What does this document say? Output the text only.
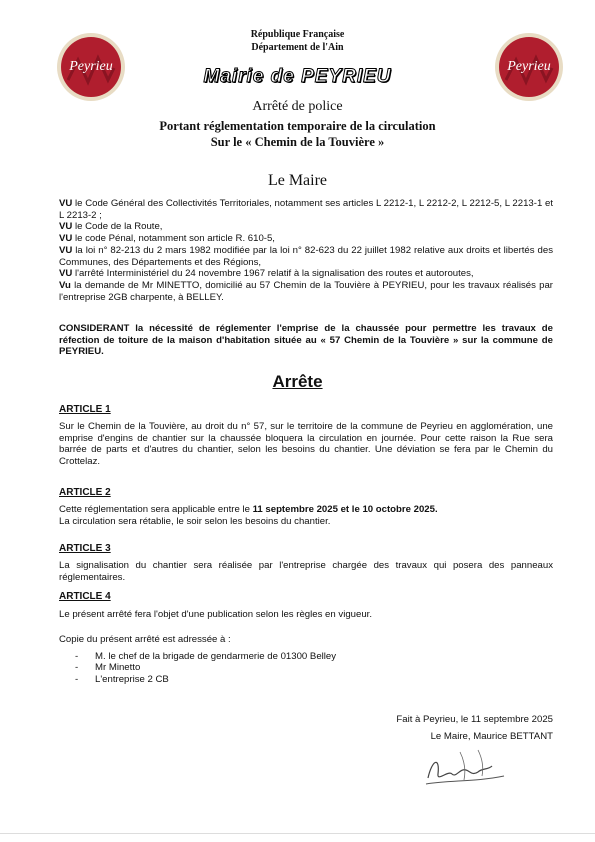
Peyrieu	Peyrieu
République Française
Département de l'Ain
Mairie de PEYRIEU
Arrêté de police
Portant réglementation temporaire de la circulation
Sur le « Chemin de la Touvière »
Le Maire

VU le Code Général des Collectivités Territoriales, notamment ses articles L 2212-1, L 2212-2, L 2212-5, L 2213-1 et L 2213-2 ;

VU le Code de la Route,

VU le code Pénal, notamment son article R. 610-5,

VU la loi n° 82-213 du 2 mars 1982 modifiée par la loi n° 82-623 du 22 juillet 1982 relative aux droits et libertés des Communes, des Départements et des Régions,

VU l'arrêté Interministériel du 24 novembre 1967 relatif à la signalisation des routes et autoroutes,

Vu la demande de Mr MINETTO, domicilié au 57 Chemin de la Touvière à PEYRIEU, pour les travaux réalisés par l'entreprise 2GB charpente, à BELLEY.

CONSIDERANT la nécessité de réglementer l'emprise de la chaussée pour permettre les travaux de réfection de toiture de la maison d'habitation située au « 57 Chemin de la Touvière » sur la commune de PEYRIEU.
Arrête
ARTICLE 1
Sur le Chemin de la Touvière, au droit du n° 57, sur le territoire de la commune de Peyrieu en agglomération, une emprise d'engins de chantier sur la chaussée bloquera la circulation en journée. Pour cette raison la Rue sera barrée de parts et d'autres du chantier, selon les besoins du chantier. Une déviation se fera par le Chemin du Crottelaz.
ARTICLE 2
Cette réglementation sera applicable entre le 11 septembre 2025 et le 10 octobre 2025.
La circulation sera rétablie, le soir selon les besoins du chantier.
ARTICLE 3
La signalisation du chantier sera réalisée par l'entreprise chargée des travaux qui posera des panneaux réglementaires.
ARTICLE 4
Le présent arrêté fera l'objet d'une publication selon les règles en vigueur.
Copie du présent arrêté est adressée à :
- M. le chef de la brigade de gendarmerie de 01300 Belley
- Mr Minetto
- L'entreprise 2 CB
Fait à Peyrieu, le 11 septembre 2025
Le Maire, Maurice BETTANT
